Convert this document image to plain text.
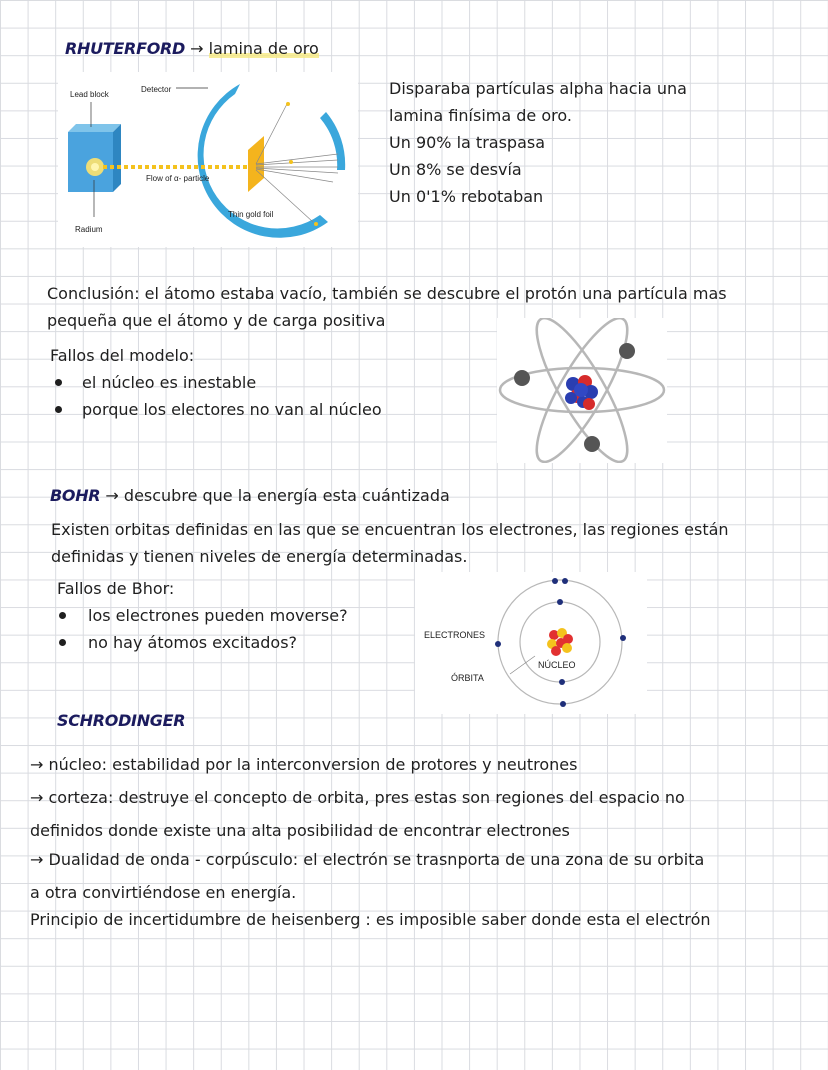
RHUTERFORD → lamina de oro
Lead block
Detector
Flow of α- particle
Thin gold foil
Radium
Disparaba partículas alpha hacia una
lamina finísima de oro.
Un 90% la traspasa
Un 8% se desvía
Un 0'1% rebotaban
Conclusión: el átomo estaba vacío, también se descubre el protón una partícula mas
pequeña que el átomo y de carga positiva
Fallos del modelo:
el núcleo es inestable
porque los electores no van al núcleo
BOHR → descubre que la energía esta cuántizada
Existen orbitas definidas en las que se encuentran los electrones, las regiones están
definidas y tienen niveles de energía determinadas.
Fallos de Bhor:
los electrones pueden moverse?
no hay átomos excitados?	ELECTRONES
ÓRBITA
NÚCLEO
SCHRODINGER
→ núcleo: estabilidad por la interconversion de protores y neutrones
→ corteza: destruye el concepto de orbita, pres estas son regiones del espacio no
definidos donde existe una alta posibilidad de encontrar electrones
→ Dualidad de onda - corpúsculo: el electrón se trasnporta de una zona de su orbita
a otra convirtiéndose en energía.
Principio de incertidumbre de heisenberg : es imposible saber donde esta el electrón
